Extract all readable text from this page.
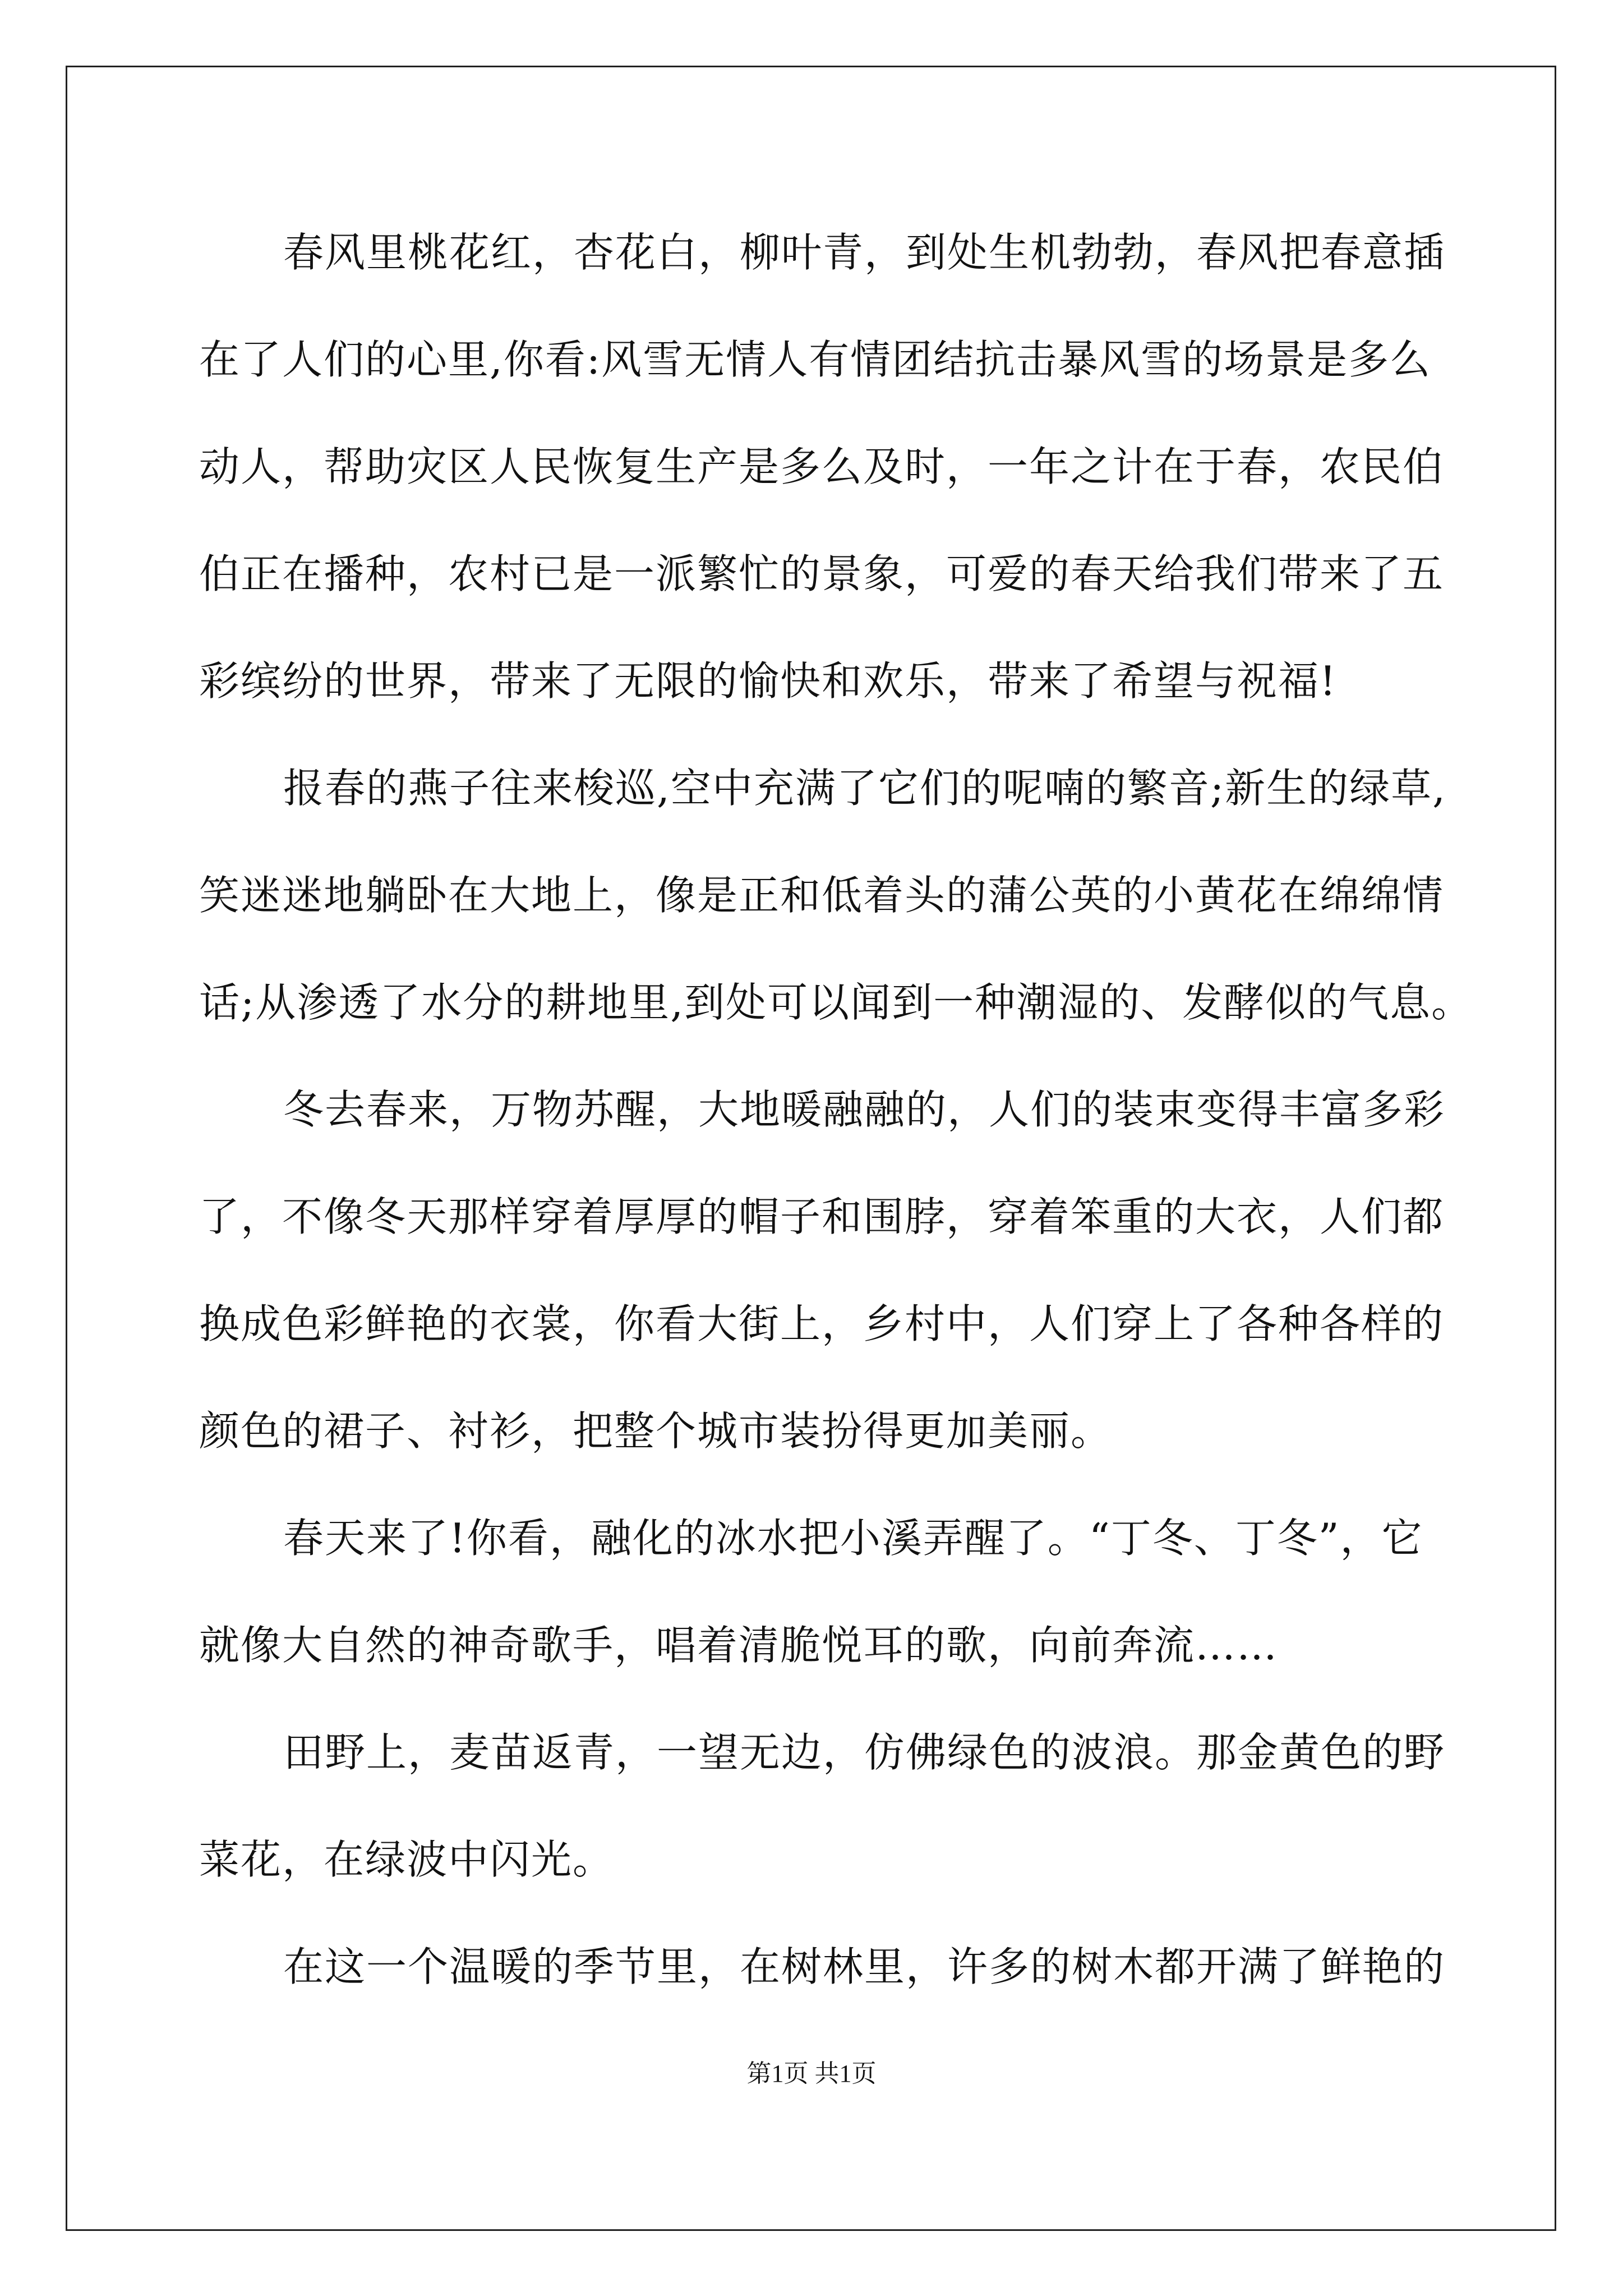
春风里桃花红，杏花白，柳叶青，到处生机勃勃，春风把春意插
在了人们的心里,你看:风雪无情人有情团结抗击暴风雪的场景是多么
动人，帮助灾区人民恢复生产是多么及时，一年之计在于春，农民伯
伯正在播种，农村已是一派繁忙的景象，可爱的春天给我们带来了五
彩缤纷的世界，带来了无限的愉快和欢乐，带来了希望与祝福!
报春的燕子往来梭巡,空中充满了它们的呢喃的繁音;新生的绿草,
笑迷迷地躺卧在大地上，像是正和低着头的蒲公英的小黄花在绵绵情
话;从渗透了水分的耕地里,到处可以闻到一种潮湿的、发酵似的气息。
冬去春来，万物苏醒，大地暖融融的，人们的装束变得丰富多彩
了，不像冬天那样穿着厚厚的帽子和围脖，穿着笨重的大衣，人们都
换成色彩鲜艳的衣裳，你看大街上，乡村中，人们穿上了各种各样的
颜色的裙子、衬衫，把整个城市装扮得更加美丽。
春天来了!你看，融化的冰水把小溪弄醒了。“丁冬、丁冬”，它
就像大自然的神奇歌手，唱着清脆悦耳的歌，向前奔流……
田野上，麦苗返青，一望无边，仿佛绿色的波浪。那金黄色的野
菜花，在绿波中闪光。
在这一个温暖的季节里，在树林里，许多的树木都开满了鲜艳的
第1页 共1页
